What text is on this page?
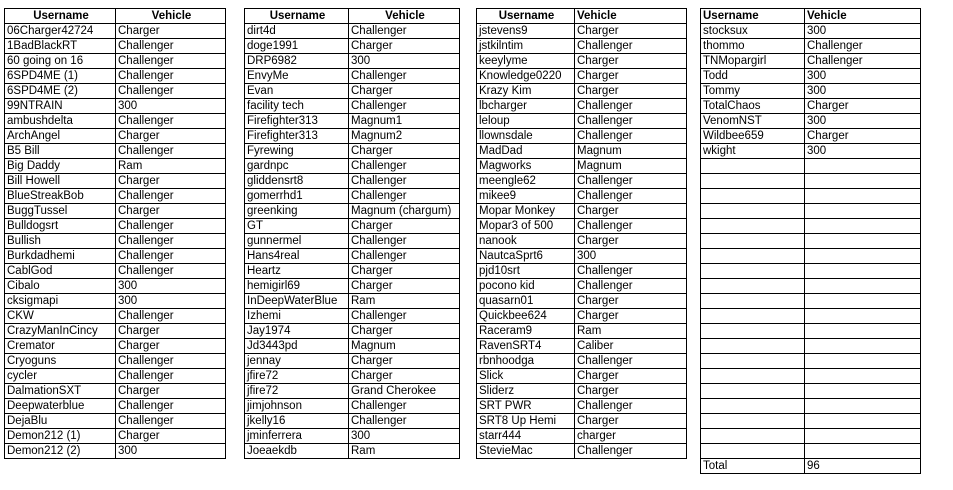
Username	Vehicle
06Charger42724	Charger
1BadBlackRT	Challenger
60 going on 16	Challenger
6SPD4ME (1)	Challenger
6SPD4ME (2)	Challenger
99NTRAIN	300
ambushdelta	Challenger
ArchAngel	Charger
B5 Bill	Challenger
Big Daddy	Ram
Bill Howell	Charger
BlueStreakBob	Challenger
BuggTussel	Charger
Bulldogsrt	Challenger
Bullish	Challenger
Burkdadhemi	Challenger
CablGod	Challenger
Cibalo	300
cksigmapi	300
CKW	Challenger
CrazyManInCincy	Charger
Cremator	Charger
Cryoguns	Challenger
cycler	Challenger
DalmationSXT	Charger
Deepwaterblue	Challenger
DejaBlu	Challenger
Demon212 (1)	Charger
Demon212 (2)	300
Username	Vehicle
dirt4d	Challenger
doge1991	Charger
DRP6982	300
EnvyMe	Challenger
Evan	Charger
facility tech	Challenger
Firefighter313	Magnum1
Firefighter313	Magnum2
Fyrewing	Charger
gardnpc	Challenger
gliddensrt8	Challenger
gomerrhd1	Challenger
greenking	Magnum (chargum)
GT	Charger
gunnermel	Challenger
Hans4real	Challenger
Heartz	Charger
hemigirl69	Charger
InDeepWaterBlue	Ram
Izhemi	Challenger
Jay1974	Charger
Jd3443pd	Magnum
jennay	Charger
jfire72	Charger
jfire72	Grand Cherokee
jimjohnson	Challenger
jkelly16	Challenger
jminferrera	300
Joeaekdb	Ram
Username	Vehicle
jstevens9	Charger
jstkilntim	Challenger
keeylyme	Charger
Knowledge0220	Charger
Krazy Kim	Charger
lbcharger	Challenger
leloup	Challenger
llownsdale	Challenger
MadDad	Magnum
Magworks	Magnum
meengle62	Challenger
mikee9	Challenger
Mopar Monkey	Charger
Mopar3 of 500	Challenger
nanook	Charger
NautcaSprt6	300
pjd10srt	Challenger
pocono kid	Challenger
quasarn01	Charger
Quickbee624	Charger
Raceram9	Ram
RavenSRT4	Caliber
rbnhoodga	Challenger
Slick	Charger
Sliderz	Charger
SRT PWR	Challenger
SRT8 Up Hemi	Charger
starr444	charger
StevieMac	Challenger
Username	Vehicle
stocksux	300
thommo	Challenger
TNMopargirl	Challenger
Todd	300
Tommy	300
TotalChaos	Charger
VenomNST	300
Wildbee659	Charger
wkight	300

Total	96
